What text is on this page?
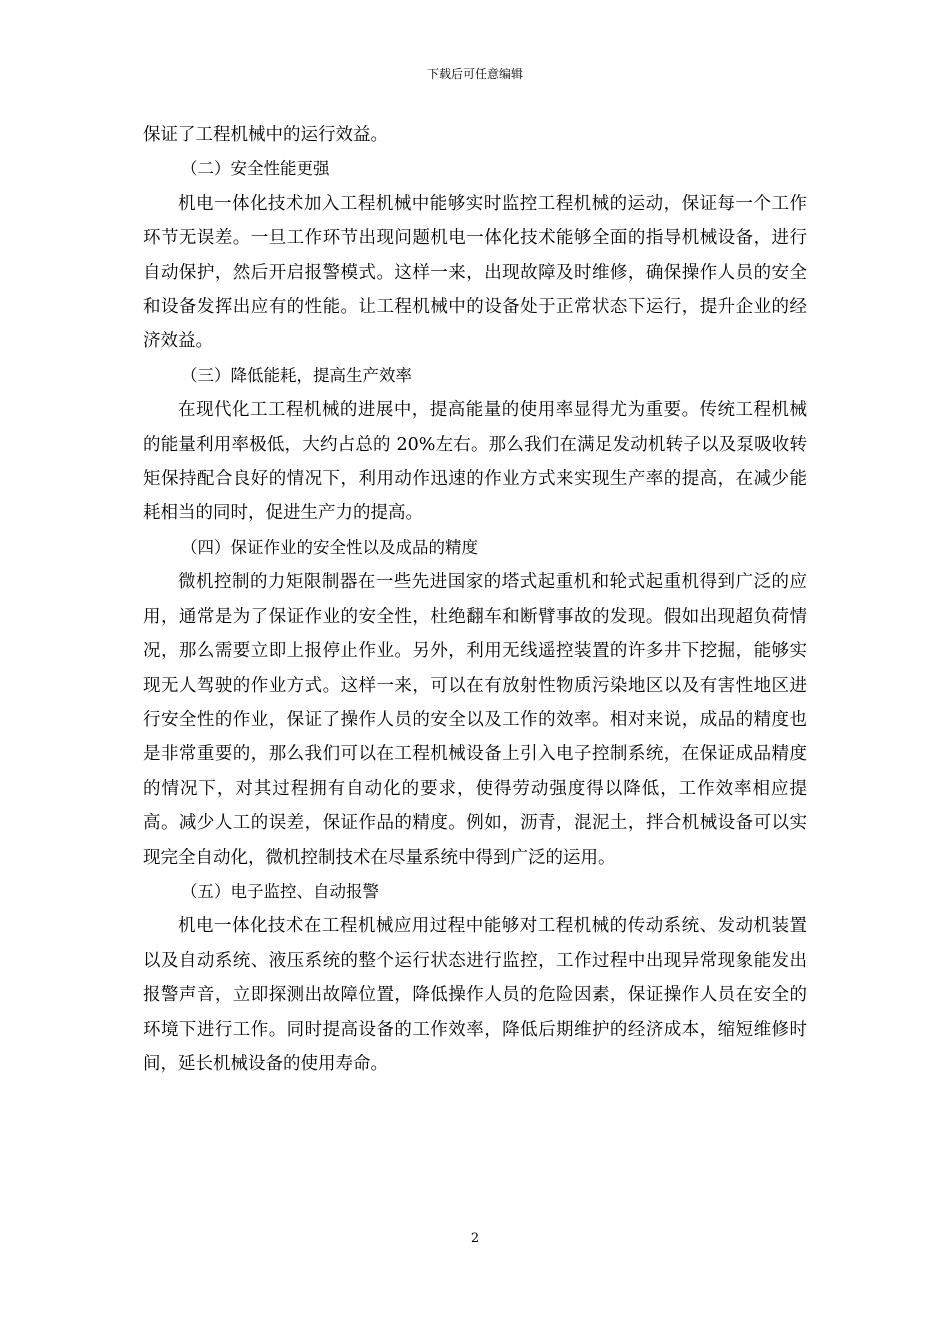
下载后可任意编辑

保证了工程机械中的运行效益。

（二）安全性能更强

机电一体化技术加入工程机械中能够实时监控工程机械的运动，保证每一个工作环节无误差。一旦工作环节出现问题机电一体化技术能够全面的指导机械设备，进行自动保护，然后开启报警模式。这样一来，出现故障及时维修，确保操作人员的安全和设备发挥出应有的性能。让工程机械中的设备处于正常状态下运行，提升企业的经济效益。

（三）降低能耗，提高生产效率

在现代化工工程机械的进展中，提高能量的使用率显得尤为重要。传统工程机械的能量利用率极低，大约占总的 20%左右。那么我们在满足发动机转子以及泵吸收转矩保持配合良好的情况下，利用动作迅速的作业方式来实现生产率的提高，在减少能耗相当的同时，促进生产力的提高。

（四）保证作业的安全性以及成品的精度

微机控制的力矩限制器在一些先进国家的塔式起重机和轮式起重机得到广泛的应用，通常是为了保证作业的安全性，杜绝翻车和断臂事故的发现。假如出现超负荷情况，那么需要立即上报停止作业。另外，利用无线遥控装置的许多井下挖掘，能够实现无人驾驶的作业方式。这样一来，可以在有放射性物质污染地区以及有害性地区进行安全性的作业，保证了操作人员的安全以及工作的效率。相对来说，成品的精度也是非常重要的，那么我们可以在工程机械设备上引入电子控制系统，在保证成品精度的情况下，对其过程拥有自动化的要求，使得劳动强度得以降低，工作效率相应提高。减少人工的误差，保证作品的精度。例如，沥青，混泥土，拌合机械设备可以实现完全自动化，微机控制技术在尽量系统中得到广泛的运用。

（五）电子监控、自动报警

机电一体化技术在工程机械应用过程中能够对工程机械的传动系统、发动机装置以及自动系统、液压系统的整个运行状态进行监控，工作过程中出现异常现象能发出报警声音，立即探测出故障位置，降低操作人员的危险因素，保证操作人员在安全的环境下进行工作。同时提高设备的工作效率，降低后期维护的经济成本，缩短维修时间，延长机械设备的使用寿命。

2
